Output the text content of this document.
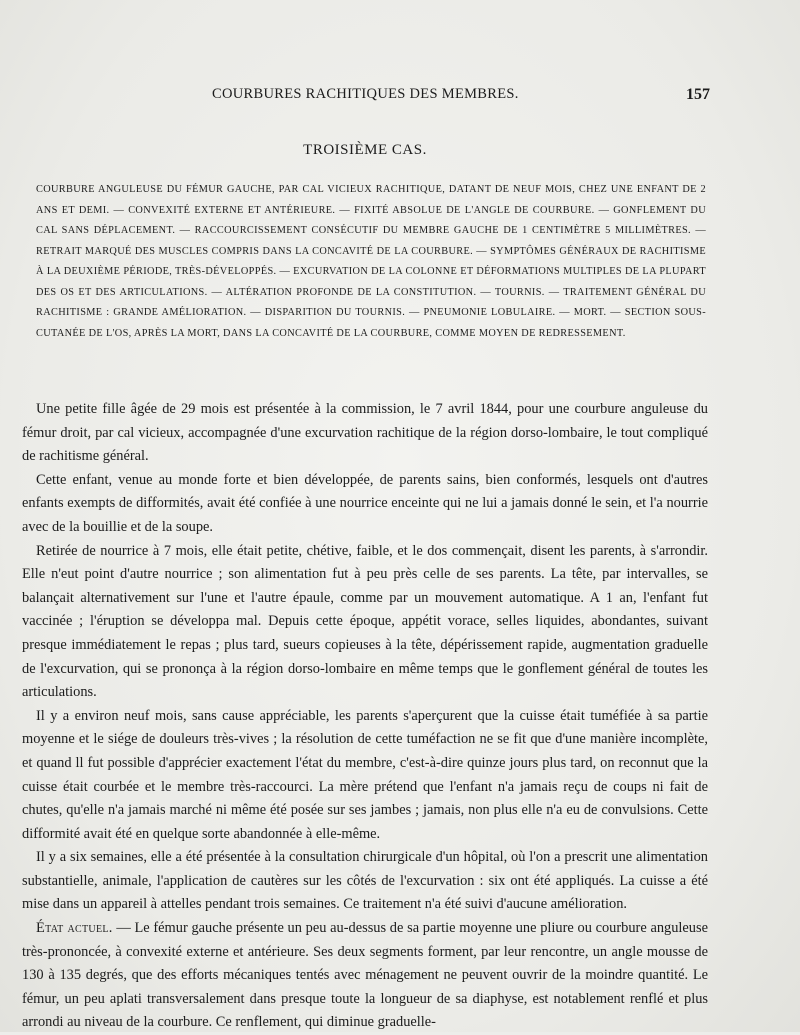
COURBURES RACHITIQUES DES MEMBRES.	157
TROISIÈME CAS.
COURBURE ANGULEUSE DU FÉMUR GAUCHE, PAR CAL VICIEUX RACHITIQUE, DATANT DE NEUF MOIS, CHEZ UNE ENFANT DE 2 ANS ET DEMI. — CONVEXITÉ EXTERNE ET ANTÉRIEURE. — FIXITÉ ABSOLUE DE L'ANGLE DE COURBURE. — GONFLEMENT DU CAL SANS DÉPLACEMENT. — RACCOURCISSEMENT CONSÉCUTIF DU MEMBRE GAUCHE DE 1 CENTIMÈTRE 5 MILLIMÈTRES. — RETRAIT MARQUÉ DES MUSCLES COMPRIS DANS LA CONCAVITÉ DE LA COURBURE. — SYMPTÔMES GÉNÉRAUX DE RACHITISME À LA DEUXIÈME PÉRIODE, TRÈS-DÉVELOPPÉS. — EXCURVATION DE LA COLONNE ET DÉFORMATIONS MULTIPLES DE LA PLUPART DES OS ET DES ARTICULATIONS. — ALTÉRATION PROFONDE DE LA CONSTITUTION. — TOURNIS. — TRAITEMENT GÉNÉRAL DU RACHITISME : GRANDE AMÉLIORATION. — DISPARITION DU TOURNIS. — PNEUMONIE LOBULAIRE. — MORT. — SECTION SOUS-CUTANÉE DE L'OS, APRÈS LA MORT, DANS LA CONCAVITÉ DE LA COURBURE, COMME MOYEN DE REDRESSEMENT.

Une petite fille âgée de 29 mois est présentée à la commission, le 7 avril 1844, pour une courbure anguleuse du fémur droit, par cal vicieux, accompagnée d'une excurvation rachitique de la région dorso-lombaire, le tout compliqué de rachitisme général.

Cette enfant, venue au monde forte et bien développée, de parents sains, bien conformés, lesquels ont d'autres enfants exempts de difformités, avait été confiée à une nourrice enceinte qui ne lui a jamais donné le sein, et l'a nourrie avec de la bouillie et de la soupe.

Retirée de nourrice à 7 mois, elle était petite, chétive, faible, et le dos commençait, disent les parents, à s'arrondir. Elle n'eut point d'autre nourrice ; son alimentation fut à peu près celle de ses parents. La tête, par intervalles, se balançait alternativement sur l'une et l'autre épaule, comme par un mouvement automatique. A 1 an, l'enfant fut vaccinée ; l'éruption se développa mal. Depuis cette époque, appétit vorace, selles liquides, abondantes, suivant presque immédiatement le repas ; plus tard, sueurs copieuses à la tête, dépérissement rapide, augmentation graduelle de l'excurvation, qui se prononça à la région dorso-lombaire en même temps que le gonflement général de toutes les articulations.

Il y a environ neuf mois, sans cause appréciable, les parents s'aperçurent que la cuisse était tuméfiée à sa partie moyenne et le siége de douleurs très-vives ; la résolution de cette tuméfaction ne se fit que d'une manière incomplète, et quand ll fut possible d'apprécier exactement l'état du membre, c'est-à-dire quinze jours plus tard, on reconnut que la cuisse était courbée et le membre très-raccourci. La mère prétend que l'enfant n'a jamais reçu de coups ni fait de chutes, qu'elle n'a jamais marché ni même été posée sur ses jambes ; jamais, non plus elle n'a eu de convulsions. Cette difformité avait été en quelque sorte abandonnée à elle-même.

Il y a six semaines, elle a été présentée à la consultation chirurgicale d'un hôpital, où l'on a prescrit une alimentation substantielle, animale, l'application de cautères sur les côtés de l'excurvation : six ont été appliqués. La cuisse a été mise dans un appareil à attelles pendant trois semaines. Ce traitement n'a été suivi d'aucune amélioration.

État actuel. — Le fémur gauche présente un peu au-dessus de sa partie moyenne une pliure ou courbure anguleuse très-prononcée, à convexité externe et antérieure. Ses deux segments forment, par leur rencontre, un angle mousse de 130 à 135 degrés, que des efforts mécaniques tentés avec ménagement ne peuvent ouvrir de la moindre quantité. Le fémur, un peu aplati transversalement dans presque toute la longueur de sa diaphyse, est notablement renflé et plus arrondi au niveau de la courbure. Ce renflement, qui diminue graduelle-
